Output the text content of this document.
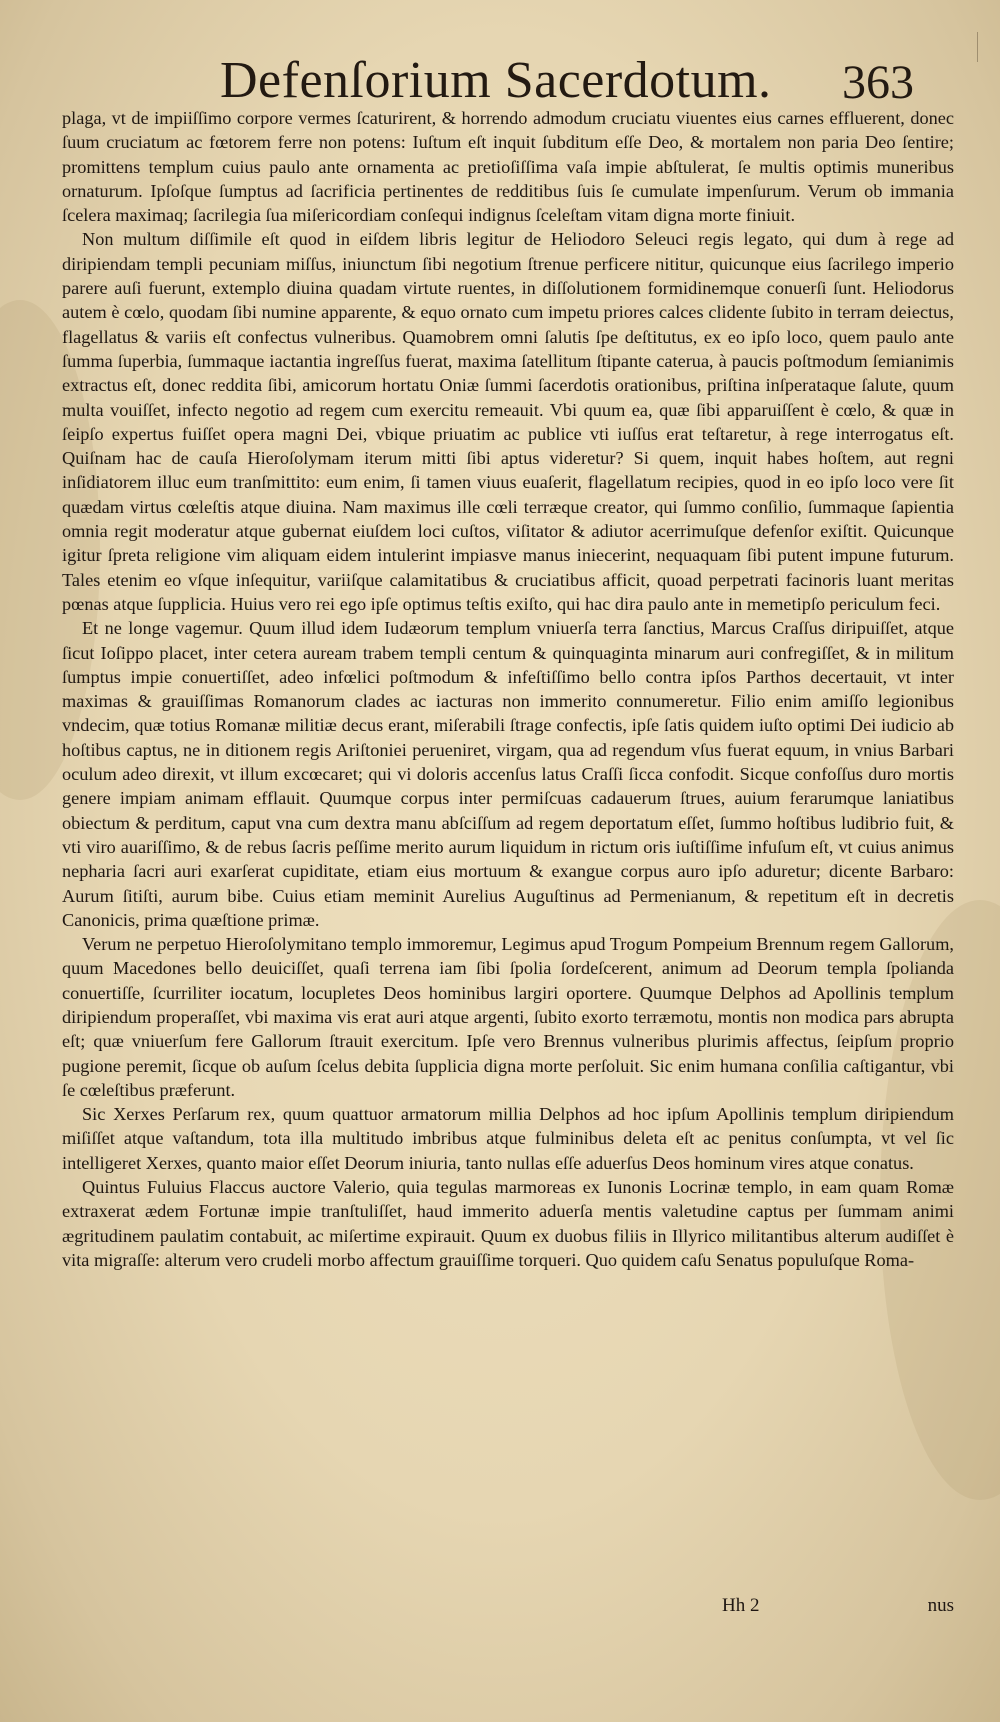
Defenſorium Sacerdotum. 363

plaga, vt de impiiſſimo corpore vermes ſcaturirent, & horrendo admodum cruciatu viuentes eius carnes effluerent, donec ſuum cruciatum ac fœtorem ferre non potens: Iuſtum eſt inquit ſubditum eſſe Deo, & mortalem non paria Deo ſentire; promittens templum cuius paulo ante ornamenta ac pretioſiſſima vaſa impie abſtulerat, ſe multis optimis muneribus ornaturum. Ipſoſque ſumptus ad ſacrificia pertinentes de redditibus ſuis ſe cumulate impenſurum. Verum ob immania ſcelera maximaq; ſacrilegia ſua miſericordiam conſequi indignus ſceleſtam vitam digna morte finiuit.

Non multum diſſimile eſt quod in eiſdem libris legitur de Heliodoro Seleuci regis legato, qui dum à rege ad diripiendam templi pecuniam miſſus, iniunctum ſibi negotium ſtrenue perficere nititur, quicunque eius ſacrilego imperio parere auſi fuerunt, extemplo diuina quadam virtute ruentes, in diſſolutionem formidinemque conuerſi ſunt. Heliodorus autem è cœlo, quodam ſibi numine apparente, & equo ornato cum impetu priores calces clidente ſubito in terram deiectus, flagellatus & variis eſt confectus vulneribus. Quamobrem omni ſalutis ſpe deſtitutus, ex eo ipſo loco, quem paulo ante ſumma ſuperbia, ſummaque iactantia ingreſſus fuerat, maxima ſatellitum ſtipante caterua, à paucis poſtmodum ſemianimis extractus eſt, donec reddita ſibi, amicorum hortatu Oniæ ſummi ſacerdotis orationibus, priſtina inſperataque ſalute, quum multa vouiſſet, infecto negotio ad regem cum exercitu remeauit. Vbi quum ea, quæ ſibi apparuiſſent è cœlo, & quæ in ſeipſo expertus fuiſſet opera magni Dei, vbique priuatim ac publice vti iuſſus erat teſtaretur, à rege interrogatus eſt. Quiſnam hac de cauſa Hieroſolymam iterum mitti ſibi aptus videretur? Si quem, inquit habes hoſtem, aut regni inſidiatorem illuc eum tranſmittito: eum enim, ſi tamen viuus euaſerit, flagellatum recipies, quod in eo ipſo loco vere ſit quædam virtus cœleſtis atque diuina. Nam maximus ille cœli terræque creator, qui ſummo conſilio, ſummaque ſapientia omnia regit moderatur atque gubernat eiuſdem loci cuſtos, viſitator & adiutor acerrimuſque defenſor exiſtit. Quicunque igitur ſpreta religione vim aliquam eidem intulerint impiasve manus iniecerint, nequaquam ſibi putent impune futurum. Tales etenim eo vſque inſequitur, variiſque calamitatibus & cruciatibus afficit, quoad perpetrati facinoris luant meritas pœnas atque ſupplicia. Huius vero rei ego ipſe optimus teſtis exiſto, qui hac dira paulo ante in memetipſo periculum feci.

Et ne longe vagemur. Quum illud idem Iudæorum templum vniuerſa terra ſanctius, Marcus Craſſus diripuiſſet, atque ſicut Ioſippo placet, inter cetera auream trabem templi centum & quinquaginta minarum auri confregiſſet, & in militum ſumptus impie conuertiſſet, adeo infœlici poſtmodum & infeſtiſſimo bello contra ipſos Parthos decertauit, vt inter maximas & grauiſſimas Romanorum clades ac iacturas non immerito connumeretur. Filio enim amiſſo legionibus vndecim, quæ totius Romanæ militiæ decus erant, miſerabili ſtrage confectis, ipſe ſatis quidem iuſto optimi Dei iudicio ab hoſtibus captus, ne in ditionem regis Ariſtoniei perueniret, virgam, qua ad regendum vſus fuerat equum, in vnius Barbari oculum adeo direxit, vt illum excœcaret; qui vi doloris accenſus latus Craſſi ſicca confodit. Sicque confoſſus duro mortis genere impiam animam efflauit. Quumque corpus inter permiſcuas cadauerum ſtrues, auium ferarumque laniatibus obiectum & perditum, caput vna cum dextra manu abſciſſum ad regem deportatum eſſet, ſummo hoſtibus ludibrio fuit, & vti viro auariſſimo, & de rebus ſacris peſſime merito aurum liquidum in rictum oris iuſtiſſime infuſum eſt, vt cuius animus nepharia ſacri auri exarſerat cupiditate, etiam eius mortuum & exangue corpus auro ipſo aduretur; dicente Barbaro: Aurum ſitiſti, aurum bibe. Cuius etiam meminit Aurelius Auguſtinus ad Permenianum, & repetitum eſt in decretis Canonicis, prima quæſtione primæ.

Verum ne perpetuo Hieroſolymitano templo immoremur, Legimus apud Trogum Pompeium Brennum regem Gallorum, quum Macedones bello deuiciſſet, quaſi terrena iam ſibi ſpolia ſordeſcerent, animum ad Deorum templa ſpolianda conuertiſſe, ſcurriliter iocatum, locupletes Deos hominibus largiri oportere. Quumque Delphos ad Apollinis templum diripiendum properaſſet, vbi maxima vis erat auri atque argenti, ſubito exorto terræmotu, montis non modica pars abrupta eſt; quæ vniuerſum fere Gallorum ſtrauit exercitum. Ipſe vero Brennus vulneribus plurimis affectus, ſeipſum proprio pugione peremit, ſicque ob auſum ſcelus debita ſupplicia digna morte perſoluit. Sic enim humana conſilia caſtigantur, vbi ſe cœleſtibus præferunt.

Sic Xerxes Perſarum rex, quum quattuor armatorum millia Delphos ad hoc ipſum Apollinis templum diripiendum miſiſſet atque vaſtandum, tota illa multitudo imbribus atque fulminibus deleta eſt ac penitus conſumpta, vt vel ſic intelligeret Xerxes, quanto maior eſſet Deorum iniuria, tanto nullas eſſe aduerſus Deos hominum vires atque conatus.

Quintus Fuluius Flaccus auctore Valerio, quia tegulas marmoreas ex Iunonis Locrinæ templo, in eam quam Romæ extraxerat ædem Fortunæ impie tranſtuliſſet, haud immerito aduerſa mentis valetudine captus per ſummam animi ægritudinem paulatim contabuit, ac miſertime expirauit. Quum ex duobus filiis in Illyrico militantibus alterum audiſſet è vita migraſſe: alterum vero crudeli morbo affectum grauiſſime torqueri. Quo quidem caſu Senatus populuſque Roma-

Hh 2	nus
